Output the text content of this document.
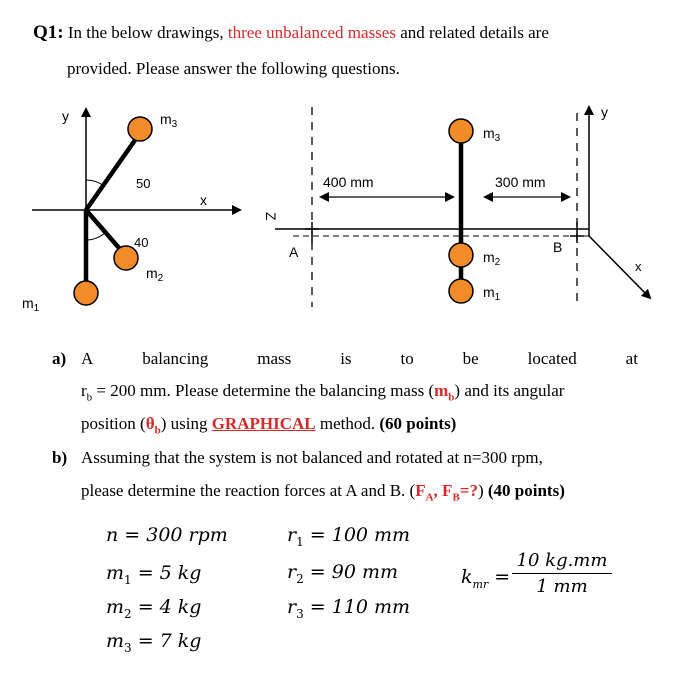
Q1: In the below drawings, three unbalanced masses and related details are
provided. Please answer the following questions.
y
x
50
40
$m_3$
$m_2$
$m_1$
y
x
Z
A	B
400 mm	300 mm
$m_3$
$m_2$
$m_1$
a) A	balancing	mass	is	to	be	located	at
$r_b = 200$ mm. Please determine the balancing mass $(m_b)$ and its angular
position $(\theta_b)$ using GRAPHICAL method. (60 points)
b) Assuming that the system is not balanced and rotated at n=300 rpm,
please determine the reaction forces at A and B. ($F_A$, $F_B=$?) (40 points)
n = 300 rpm
$m_1 = 5$ kg
$m_2 = 4$ kg
$m_3 = 7$ kg
$r_1 = 100$ mm
$r_2 = 90$ mm
$r_3 = 110$ mm
$k_{mr}$ =
10 kg.mm
1 mm
